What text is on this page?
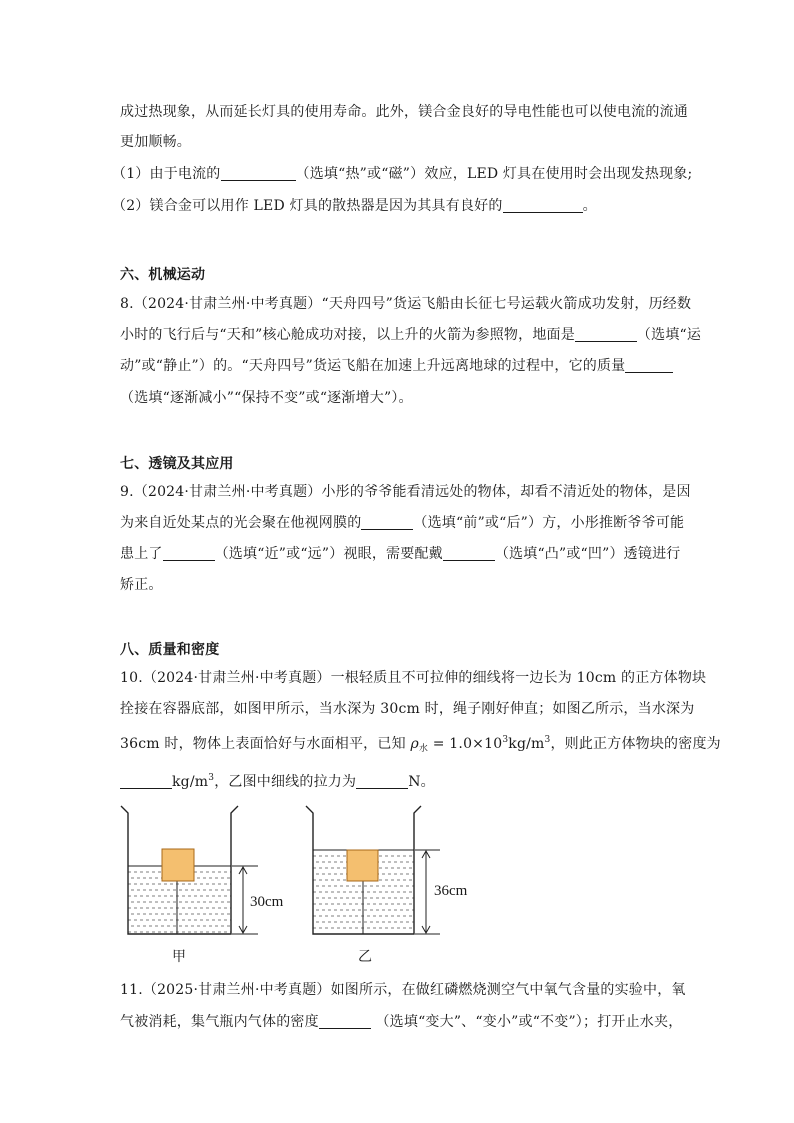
成过热现象，从而延长灯具的使用寿命。此外，镁合金良好的导电性能也可以使电流的流通
更加顺畅。
（1）由于电流的	（选填“热”或“磁”）效应，LED 灯具在使用时会出现发热现象;
（2）镁合金可以用作 LED 灯具的散热器是因为其具有良好的	。
六、机械运动
8.（2024·甘肃兰州·中考真题）“天舟四号”货运飞船由长征七号运载火箭成功发射，历经数
小时的飞行后与“天和”核心舱成功对接，以上升的火箭为参照物，地面是	（选填“运
动”或“静止”）的。“天舟四号”货运飞船在加速上升远离地球的过程中，它的质量
（选填“逐渐减小”“保持不变”或“逐渐增大”）。
七、透镜及其应用
9.（2024·甘肃兰州·中考真题）小彤的爷爷能看清远处的物体，却看不清近处的物体，是因
为来自近处某点的光会聚在他视网膜的	（选填“前”或“后”）方，小彤推断爷爷可能
患上了	（选填“近”或“远”）视眼，需要配戴	（选填“凸”或“凹”）透镜进行
矫正。
八、质量和密度
10.（2024·甘肃兰州·中考真题）一根轻质且不可拉伸的细线将一边长为 10cm 的正方体物块
拴接在容器底部，如图甲所示，当水深为 30cm 时，绳子刚好伸直；如图乙所示，当水深为
36cm 时，物体上表面恰好与水面相平，已知 $\rho_水 = 1.0\times 10^3kg/m^3$，则此正方体物块的密度为
$kg/m^3$，乙图中细线的拉力为	N。
30cm
甲
36cm
乙
11.（2025·甘肃兰州·中考真题）如图所示，在做红磷燃烧测空气中氧气含量的实验中，氧
气被消耗，集气瓶内气体的密度	（选填“变大”、“变小”或“不变”）；打开止水夹，
